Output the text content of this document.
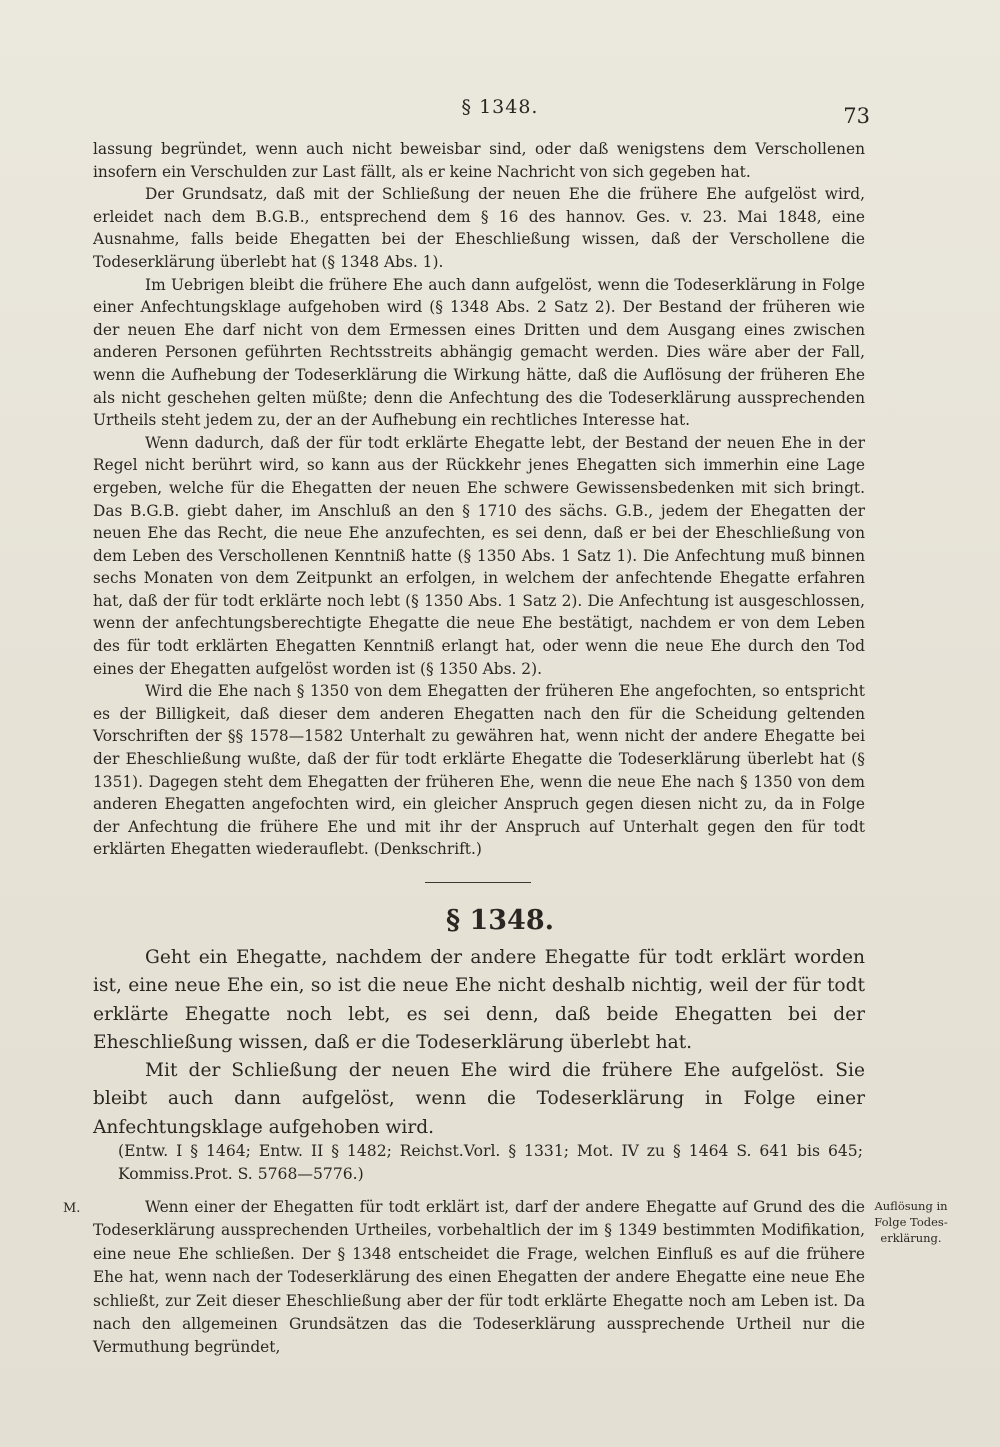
§ 1348.	73

lassung begründet, wenn auch nicht beweisbar sind, oder daß wenigstens dem Verschollenen insofern ein Verschulden zur Last fällt, als er keine Nachricht von sich gegeben hat.

Der Grundsatz, daß mit der Schließung der neuen Ehe die frühere Ehe aufgelöst wird, erleidet nach dem B.G.B., entsprechend dem § 16 des hannov. Ges. v. 23. Mai 1848, eine Ausnahme, falls beide Ehegatten bei der Eheschließung wissen, daß der Verschollene die Todeserklärung überlebt hat (§ 1348 Abs. 1).

Im Uebrigen bleibt die frühere Ehe auch dann aufgelöst, wenn die Todeserklärung in Folge einer Anfechtungsklage aufgehoben wird (§ 1348 Abs. 2 Satz 2). Der Bestand der früheren wie der neuen Ehe darf nicht von dem Ermessen eines Dritten und dem Ausgang eines zwischen anderen Personen geführten Rechtsstreits abhängig gemacht werden. Dies wäre aber der Fall, wenn die Aufhebung der Todeserklärung die Wirkung hätte, daß die Auflösung der früheren Ehe als nicht geschehen gelten müßte; denn die Anfechtung des die Todeserklärung aussprechenden Urtheils steht jedem zu, der an der Aufhebung ein rechtliches Interesse hat.

Wenn dadurch, daß der für todt erklärte Ehegatte lebt, der Bestand der neuen Ehe in der Regel nicht berührt wird, so kann aus der Rückkehr jenes Ehegatten sich immerhin eine Lage ergeben, welche für die Ehegatten der neuen Ehe schwere Gewissensbedenken mit sich bringt. Das B.G.B. giebt daher, im Anschluß an den § 1710 des sächs. G.B., jedem der Ehegatten der neuen Ehe das Recht, die neue Ehe anzufechten, es sei denn, daß er bei der Eheschließung von dem Leben des Verschollenen Kenntniß hatte (§ 1350 Abs. 1 Satz 1). Die Anfechtung muß binnen sechs Monaten von dem Zeitpunkt an erfolgen, in welchem der anfechtende Ehegatte erfahren hat, daß der für todt erklärte noch lebt (§ 1350 Abs. 1 Satz 2). Die Anfechtung ist ausgeschlossen, wenn der anfechtungsberechtigte Ehegatte die neue Ehe bestätigt, nachdem er von dem Leben des für todt erklärten Ehegatten Kenntniß erlangt hat, oder wenn die neue Ehe durch den Tod eines der Ehegatten aufgelöst worden ist (§ 1350 Abs. 2).

Wird die Ehe nach § 1350 von dem Ehegatten der früheren Ehe angefochten, so entspricht es der Billigkeit, daß dieser dem anderen Ehegatten nach den für die Scheidung geltenden Vorschriften der §§ 1578—1582 Unterhalt zu gewähren hat, wenn nicht der andere Ehegatte bei der Eheschließung wußte, daß der für todt erklärte Ehegatte die Todeserklärung überlebt hat (§ 1351). Dagegen steht dem Ehegatten der früheren Ehe, wenn die neue Ehe nach § 1350 von dem anderen Ehegatten angefochten wird, ein gleicher Anspruch gegen diesen nicht zu, da in Folge der Anfechtung die frühere Ehe und mit ihr der Anspruch auf Unterhalt gegen den für todt erklärten Ehegatten wiederauflebt. (Denkschrift.)

§ 1348.

Geht ein Ehegatte, nachdem der andere Ehegatte für todt erklärt worden ist, eine neue Ehe ein, so ist die neue Ehe nicht deshalb nichtig, weil der für todt erklärte Ehegatte noch lebt, es sei denn, daß beide Ehegatten bei der Eheschließung wissen, daß er die Todeserklärung überlebt hat.

Mit der Schließung der neuen Ehe wird die frühere Ehe aufgelöst. Sie bleibt auch dann aufgelöst, wenn die Todeserklärung in Folge einer Anfechtungsklage aufgehoben wird.

(Entw. I § 1464; Entw. II § 1482; Reichst.Vorl. § 1331; Mot. IV zu § 1464 S. 641 bis 645; Kommiss.Prot. S. 5768—5776.)
M.	Wenn einer der Ehegatten für todt erklärt ist, darf der andere Ehegatte auf Grund des die Todeserklärung aussprechenden Urtheiles, vorbehaltlich der im § 1349 bestimmten Modifikation, eine neue Ehe schließen. Der § 1348 entscheidet die Frage, welchen Einfluß es auf die frühere Ehe hat, wenn nach der Todeserklärung des einen Ehegatten der andere Ehegatte eine neue Ehe schließt, zur Zeit dieser Eheschließung aber der für todt erklärte Ehegatte noch am Leben ist. Da nach den allgemeinen Grundsätzen das die Todeserklärung aussprechende Urtheil nur die Vermuthung begründet,

Auflösung in
Folge Todes-
erklärung.
